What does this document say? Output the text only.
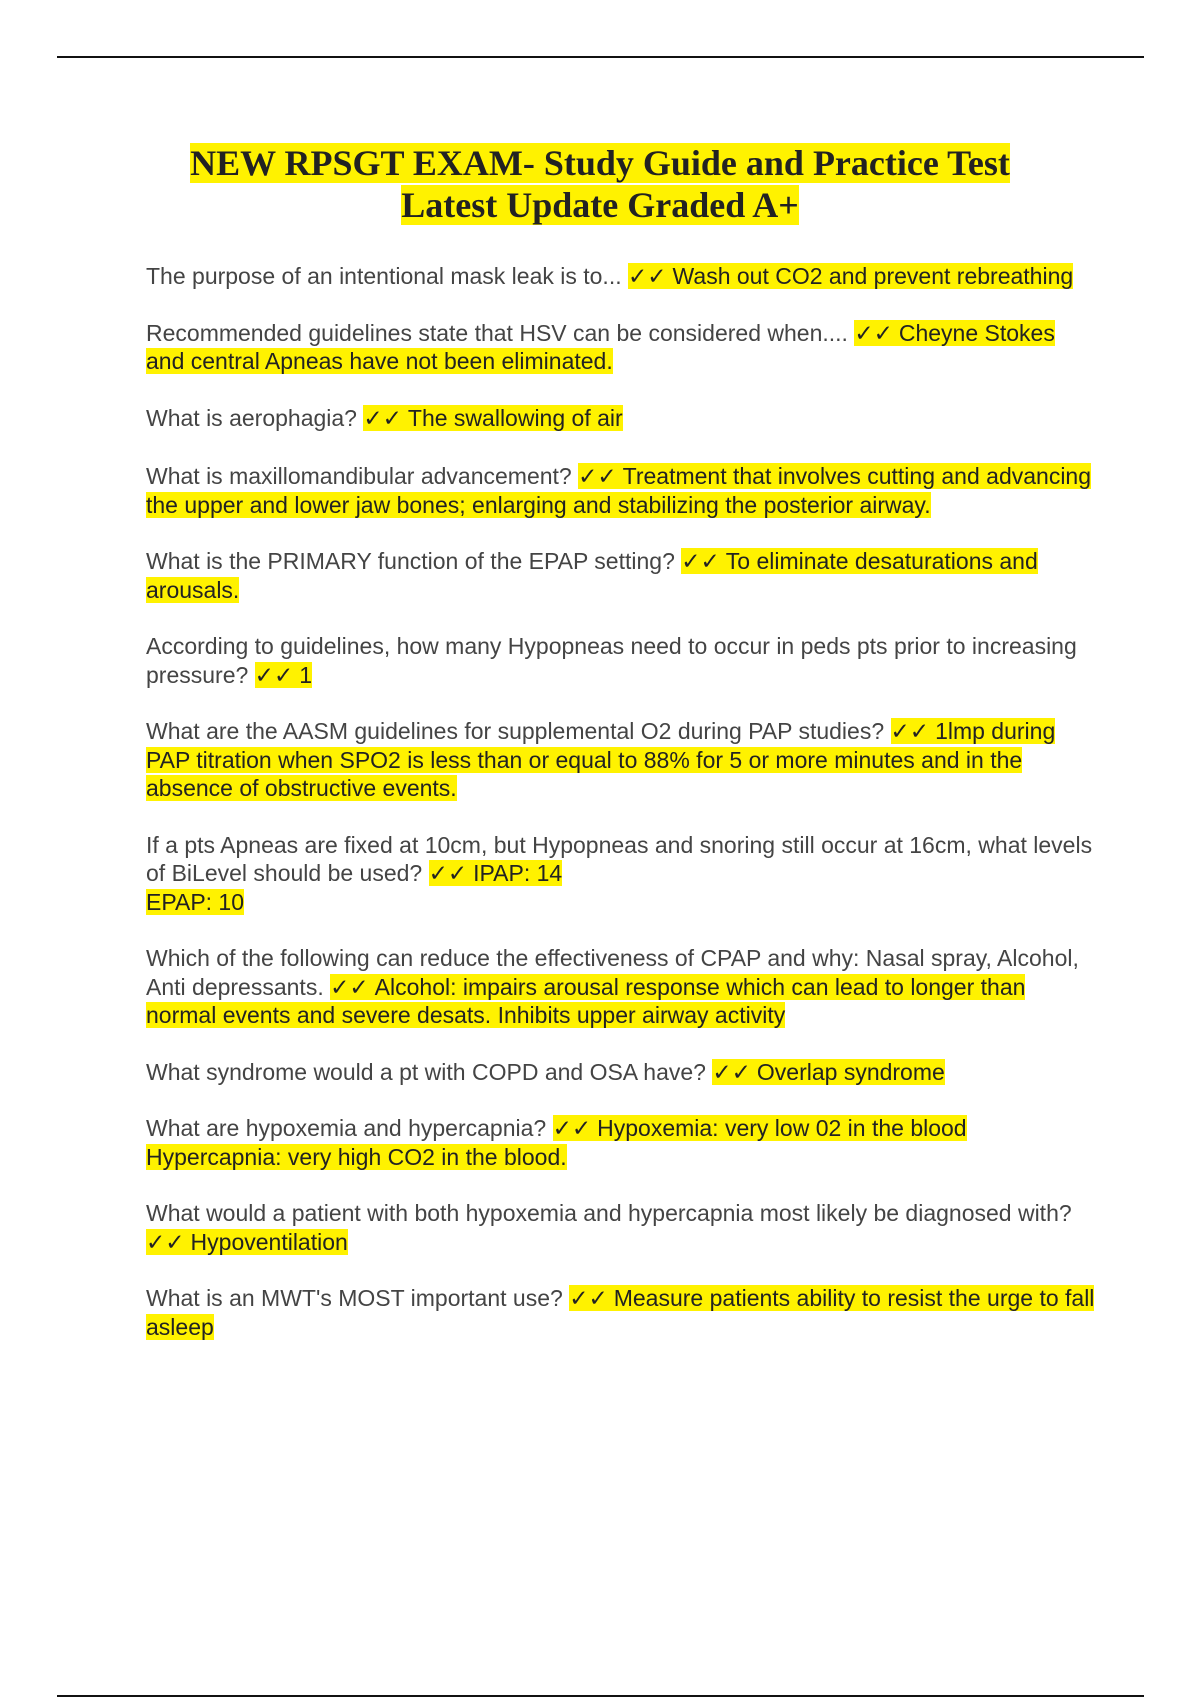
NEW RPSGT EXAM- Study Guide and Practice Test
Latest Update Graded A+
The purpose of an intentional mask leak is to... ✓✓ Wash out CO2 and prevent rebreathing
Recommended guidelines state that HSV can be considered when.... ✓✓ Cheyne Stokes and central Apneas have not been eliminated.
What is aerophagia? ✓✓ The swallowing of air
What is maxillomandibular advancement? ✓✓ Treatment that involves cutting and advancing the upper and lower jaw bones; enlarging and stabilizing the posterior airway.
What is the PRIMARY function of the EPAP setting? ✓✓ To eliminate desaturations and arousals.
According to guidelines, how many Hypopneas need to occur in peds pts prior to increasing pressure? ✓✓ 1
What are the AASM guidelines for supplemental O2 during PAP studies? ✓✓ 1lmp during PAP titration when SPO2 is less than or equal to 88% for 5 or more minutes and in the absence of obstructive events.
If a pts Apneas are fixed at 10cm, but Hypopneas and snoring still occur at 16cm, what levels of BiLevel should be used? ✓✓ IPAP: 14
EPAP: 10
Which of the following can reduce the effectiveness of CPAP and why: Nasal spray, Alcohol, Anti depressants. ✓✓ Alcohol: impairs arousal response which can lead to longer than normal events and severe desats. Inhibits upper airway activity
What syndrome would a pt with COPD and OSA have? ✓✓ Overlap syndrome
What are hypoxemia and hypercapnia? ✓✓ Hypoxemia: very low 02 in the blood
Hypercapnia: very high CO2 in the blood.
What would a patient with both hypoxemia and hypercapnia most likely be diagnosed with? ✓✓ Hypoventilation
What is an MWT's MOST important use? ✓✓ Measure patients ability to resist the urge to fall asleep
